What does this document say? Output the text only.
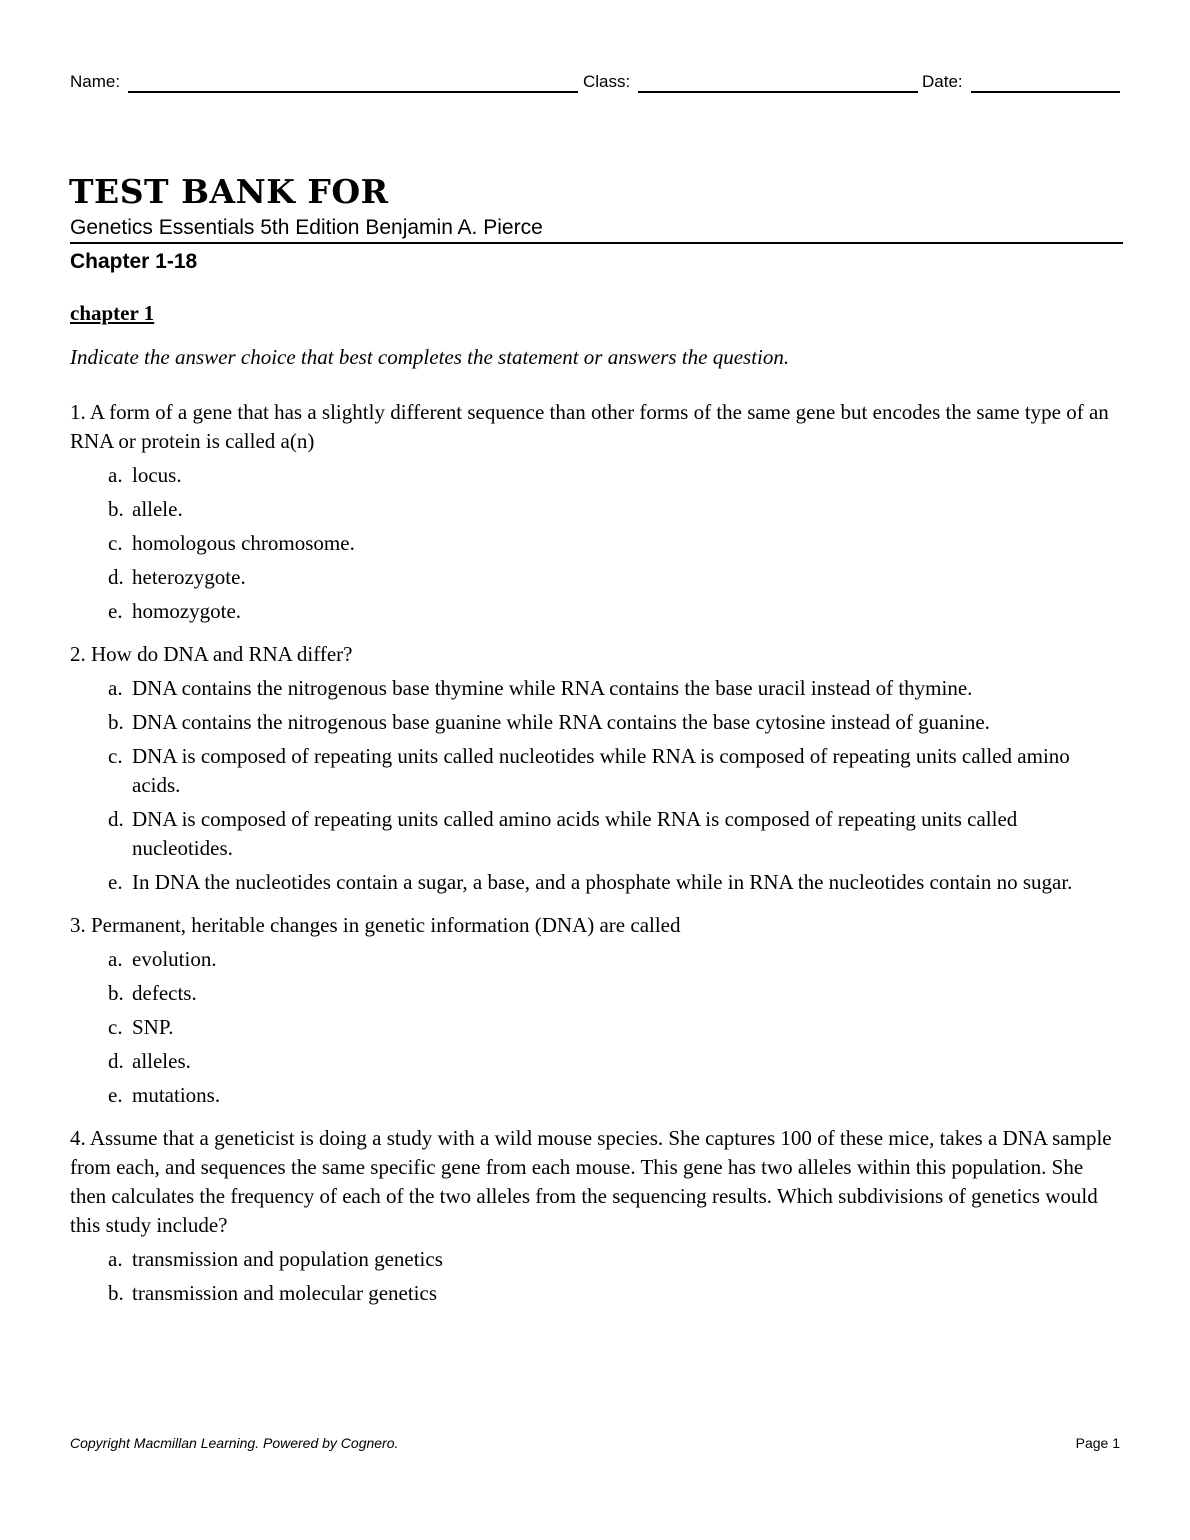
Name:	Class:	Date:
TEST BANK FOR
Genetics Essentials 5th Edition Benjamin A. Pierce
Chapter 1-18
chapter 1
Indicate the answer choice that best completes the statement or answers the question.
1. A form of a gene that has a slightly different sequence than other forms of the same gene but encodes the same type of an RNA or protein is called a(n)
a. locus.
b. allele.
c. homologous chromosome.
d. heterozygote.
e. homozygote.
2. How do DNA and RNA differ?
a. DNA contains the nitrogenous base thymine while RNA contains the base uracil instead of thymine.
b. DNA contains the nitrogenous base guanine while RNA contains the base cytosine instead of guanine.
c. DNA is composed of repeating units called nucleotides while RNA is composed of repeating units called amino acids.
d. DNA is composed of repeating units called amino acids while RNA is composed of repeating units called nucleotides.
e. In DNA the nucleotides contain a sugar, a base, and a phosphate while in RNA the nucleotides contain no sugar.
3. Permanent, heritable changes in genetic information (DNA) are called
a. evolution.
b. defects.
c. SNP.
d. alleles.
e. mutations.
4. Assume that a geneticist is doing a study with a wild mouse species. She captures 100 of these mice, takes a DNA sample from each, and sequences the same specific gene from each mouse. This gene has two alleles within this population. She then calculates the frequency of each of the two alleles from the sequencing results. Which subdivisions of genetics would this study include?
a. transmission and population genetics
b. transmission and molecular genetics
Copyright Macmillan Learning. Powered by Cognero.	Page 1
